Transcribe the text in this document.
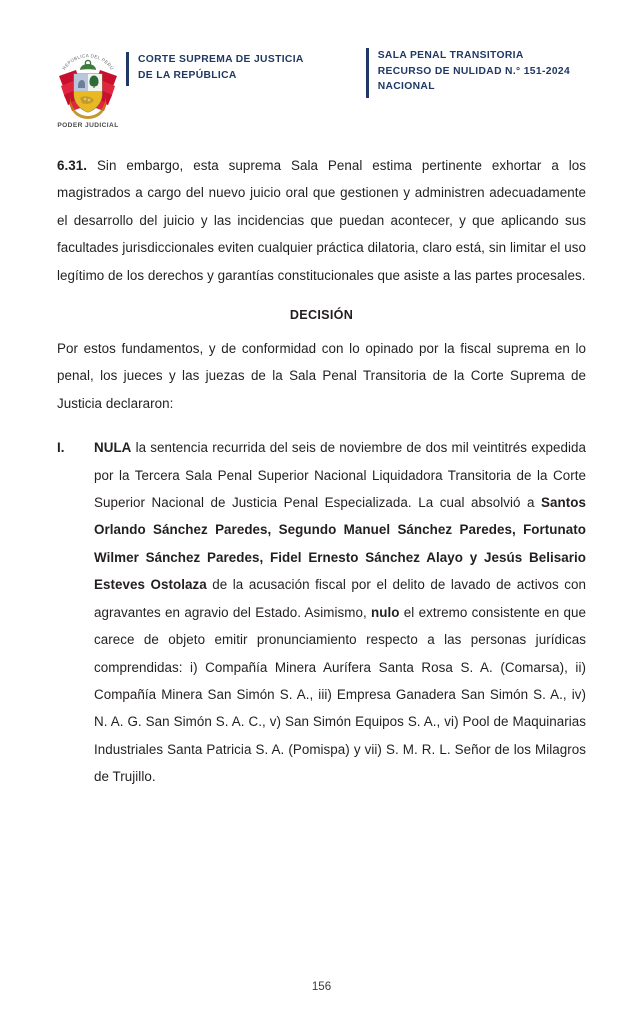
REPÚBLICA DEL PERÚ
PODER JUDICIAL
CORTE SUPREMA DE JUSTICIA
DE LA REPÚBLICA
SALA PENAL TRANSITORIA
RECURSO DE NULIDAD N.° 151-2024
NACIONAL

6.31. Sin embargo, esta suprema Sala Penal estima pertinente exhortar a los magistrados a cargo del nuevo juicio oral que gestionen y administren adecuadamente el desarrollo del juicio y las incidencias que puedan acontecer, y que aplicando sus facultades jurisdiccionales eviten cualquier práctica dilatoria, claro está, sin limitar el uso legítimo de los derechos y garantías constitucionales que asiste a las partes procesales.

DECISIÓN

Por estos fundamentos, y de conformidad con lo opinado por la fiscal suprema en lo penal, los jueces y las juezas de la Sala Penal Transitoria de la Corte Suprema de Justicia declararon:

I.	NULA la sentencia recurrida del seis de noviembre de dos mil veintitrés expedida por la Tercera Sala Penal Superior Nacional Liquidadora Transitoria de la Corte Superior Nacional de Justicia Penal Especializada. La cual absolvió a Santos Orlando Sánchez Paredes, Segundo Manuel Sánchez Paredes, Fortunato Wilmer Sánchez Paredes, Fidel Ernesto Sánchez Alayo y Jesús Belisario Esteves Ostolaza de la acusación fiscal por el delito de lavado de activos con agravantes en agravio del Estado. Asimismo, nulo el extremo consistente en que carece de objeto emitir pronunciamiento respecto a las personas jurídicas comprendidas: i) Compañía Minera Aurífera Santa Rosa S. A. (Comarsa), ii) Compañía Minera San Simón S. A., iii) Empresa Ganadera San Simón S. A., iv) N. A. G. San Simón S. A. C., v) San Simón Equipos S. A., vi) Pool de Maquinarias Industriales Santa Patricia S. A. (Pomispa) y vii) S. M. R. L. Señor de los Milagros de Trujillo.

156
